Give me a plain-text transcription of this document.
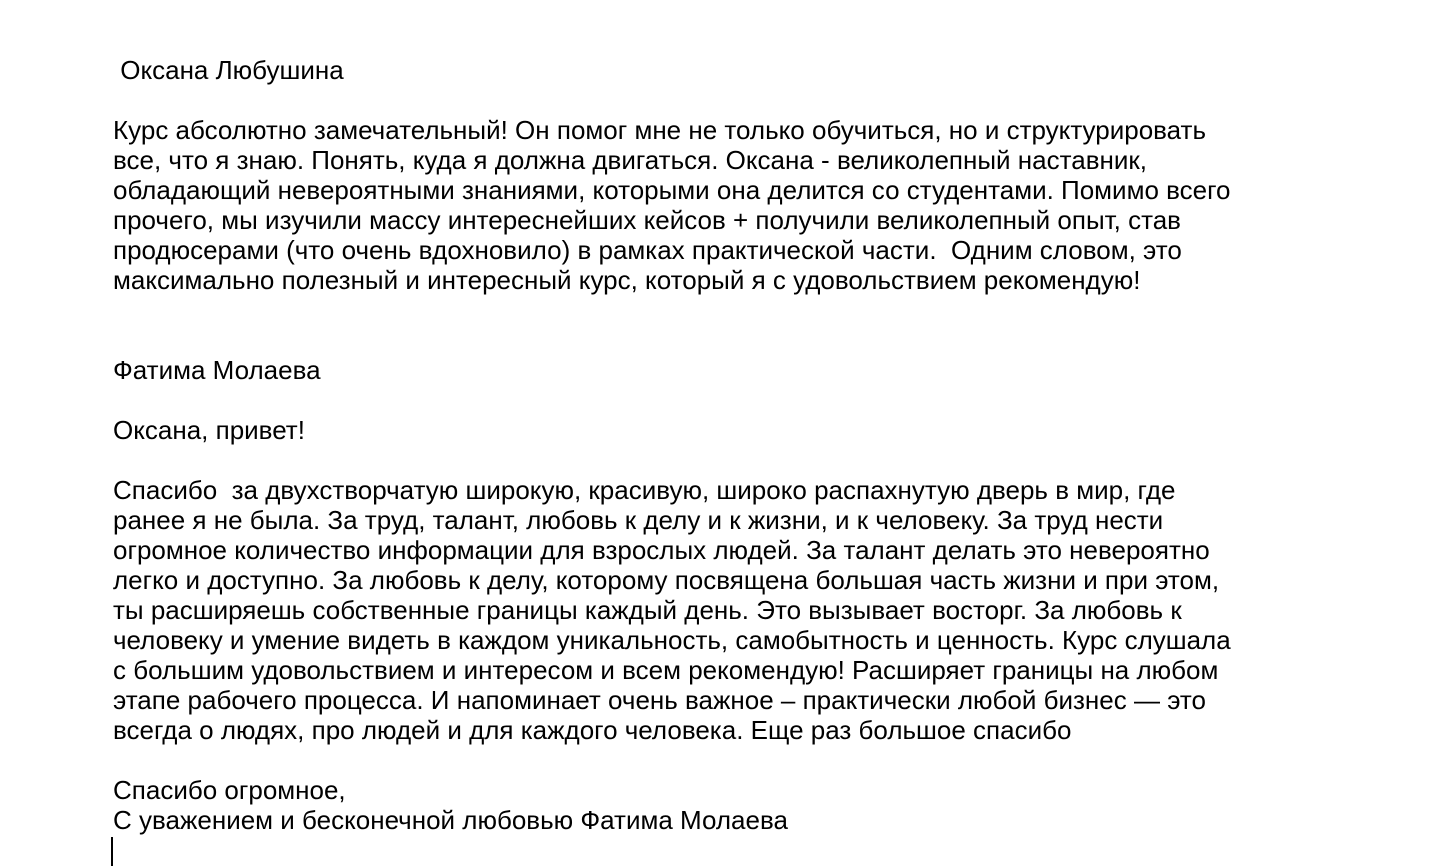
Оксана Любушина
Курс абсолютно замечательный! Он помог мне не только обучиться, но и структурировать
все, что я знаю. Понять, куда я должна двигаться. Оксана - великолепный наставник,
обладающий невероятными знаниями, которыми она делится со студентами. Помимо всего
прочего, мы изучили массу интереснейших кейсов + получили великолепный опыт, став
продюсерами (что очень вдохновило) в рамках практической части.  Одним словом, это
максимально полезный и интересный курс, который я с удовольствием рекомендую!
Фатима Молаева
Оксана, привет!
Спасибо  за двухстворчатую широкую, красивую, широко распахнутую дверь в мир, где
ранее я не была. За труд, талант, любовь к делу и к жизни, и к человеку. За труд нести
огромное количество информации для взрослых людей. За талант делать это невероятно
легко и доступно. За любовь к делу, которому посвящена большая часть жизни и при этом,
ты расширяешь собственные границы каждый день. Это вызывает восторг. За любовь к
человеку и умение видеть в каждом уникальность, самобытность и ценность. Курс слушала
с большим удовольствием и интересом и всем рекомендую! Расширяет границы на любом
этапе рабочего процесса. И напоминает очень важное – практически любой бизнес — это
всегда о людях, про людей и для каждого человека. Еще раз большое спасибо
Спасибо огромное,
С уважением и бесконечной любовью Фатима Молаева
